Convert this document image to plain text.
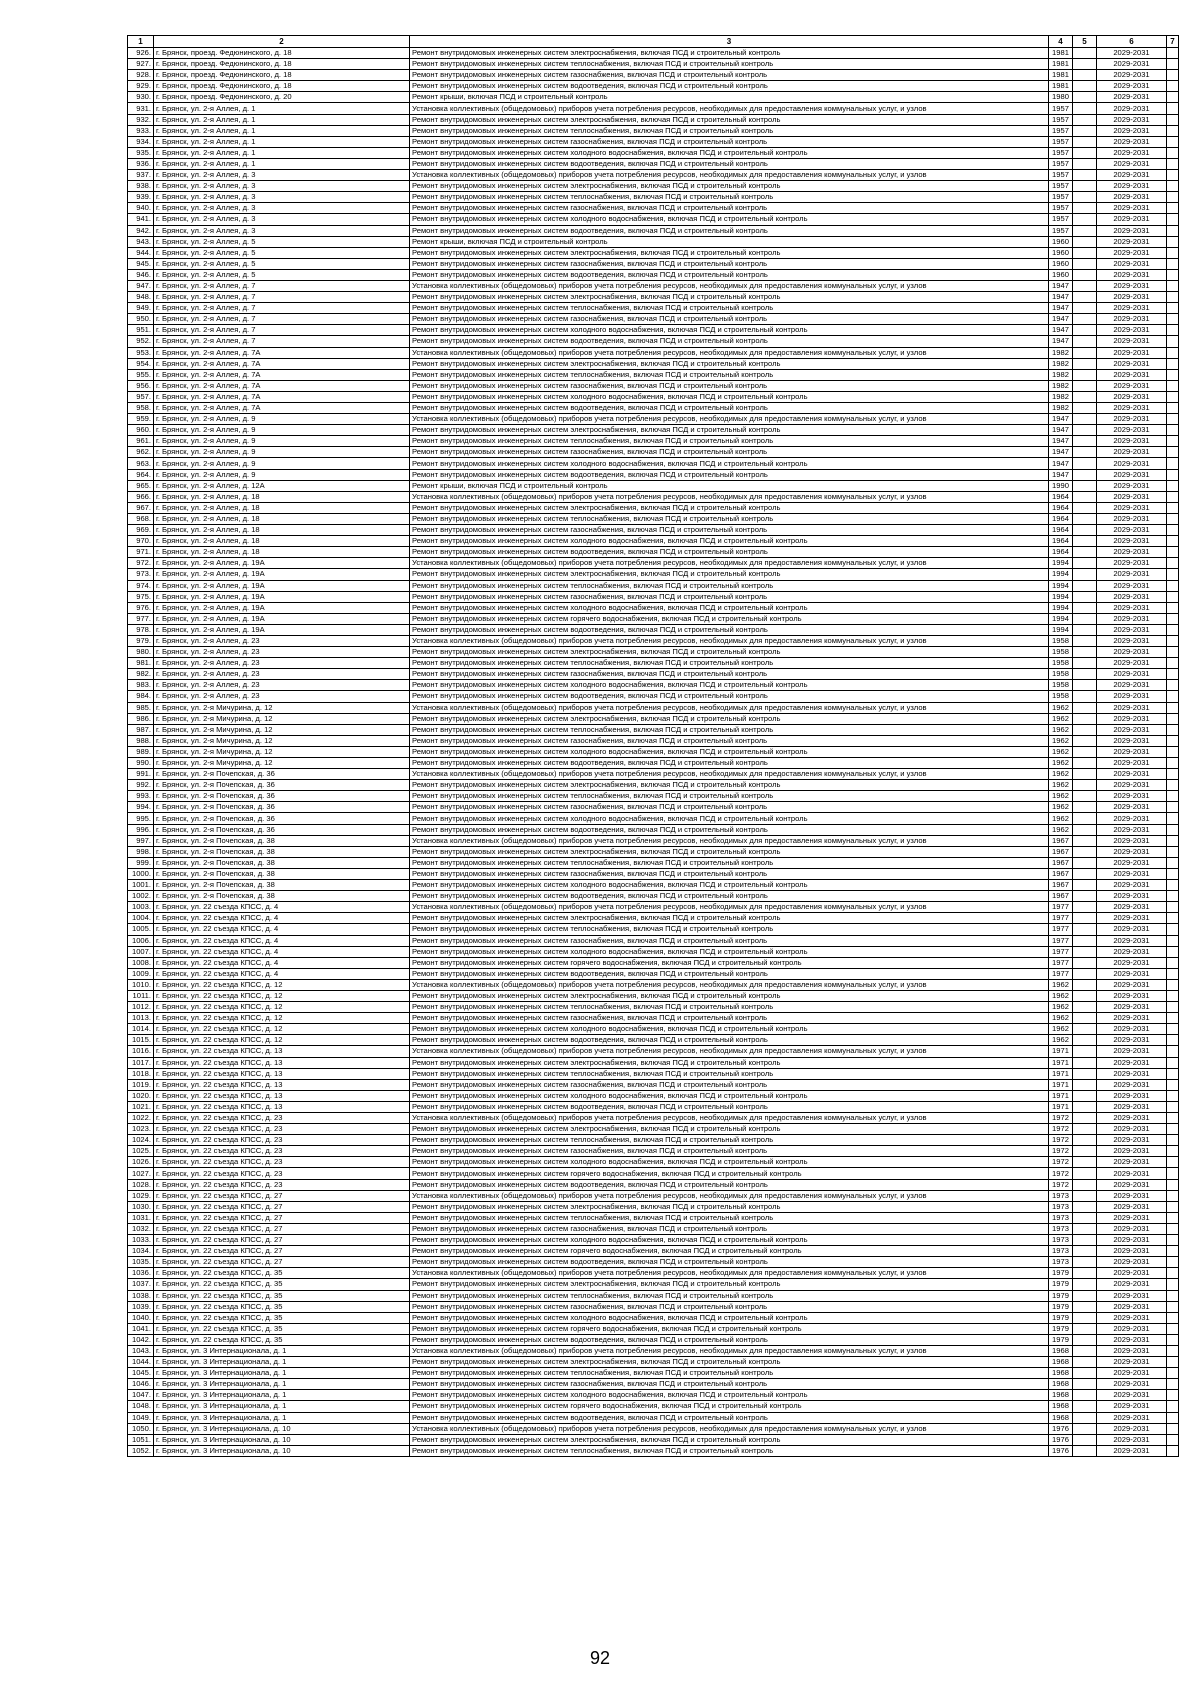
1	2	3	4	5	6	7
926.	г. Брянск, проезд. Федюнинского, д. 18	Ремонт внутридомовых инженерных систем электроснабжения, включая ПСД и строительный контроль	1981		2029-2031	
927.	г. Брянск, проезд. Федюнинского, д. 18	Ремонт внутридомовых инженерных систем теплоснабжения, включая ПСД и строительный контроль	1981		2029-2031	
928.	г. Брянск, проезд. Федюнинского, д. 18	Ремонт внутридомовых инженерных систем газоснабжения, включая ПСД и строительный контроль	1981		2029-2031	
929.	г. Брянск, проезд. Федюнинского, д. 18	Ремонт внутридомовых инженерных систем водоотведения, включая ПСД и строительный контроль	1981		2029-2031	
930.	г. Брянск, проезд. Федюнинского, д. 20	Ремонт крыши, включая ПСД и строительный контроль	1980		2029-2031	
931.	г. Брянск, ул. 2-я Аллея, д. 1	Установка коллективных (общедомовых) приборов учета потребления ресурсов, необходимых для предоставления коммунальных услуг, и узлов	1957		2029-2031	
932.	г. Брянск, ул. 2-я Аллея, д. 1	Ремонт внутридомовых инженерных систем электроснабжения, включая ПСД и строительный контроль	1957		2029-2031	
933.	г. Брянск, ул. 2-я Аллея, д. 1	Ремонт внутридомовых инженерных систем теплоснабжения, включая ПСД и строительный контроль	1957		2029-2031	
934.	г. Брянск, ул. 2-я Аллея, д. 1	Ремонт внутридомовых инженерных систем газоснабжения, включая ПСД и строительный контроль	1957		2029-2031	
935.	г. Брянск, ул. 2-я Аллея, д. 1	Ремонт внутридомовых инженерных систем холодного водоснабжения, включая ПСД и строительный контроль	1957		2029-2031	
936.	г. Брянск, ул. 2-я Аллея, д. 1	Ремонт внутридомовых инженерных систем водоотведения, включая ПСД и строительный контроль	1957		2029-2031	
937.	г. Брянск, ул. 2-я Аллея, д. 3	Установка коллективных (общедомовых) приборов учета потребления ресурсов, необходимых для предоставления коммунальных услуг, и узлов	1957		2029-2031	
938.	г. Брянск, ул. 2-я Аллея, д. 3	Ремонт внутридомовых инженерных систем электроснабжения, включая ПСД и строительный контроль	1957		2029-2031	
939.	г. Брянск, ул. 2-я Аллея, д. 3	Ремонт внутридомовых инженерных систем теплоснабжения, включая ПСД и строительный контроль	1957		2029-2031	
940.	г. Брянск, ул. 2-я Аллея, д. 3	Ремонт внутридомовых инженерных систем газоснабжения, включая ПСД и строительный контроль	1957		2029-2031	
941.	г. Брянск, ул. 2-я Аллея, д. 3	Ремонт внутридомовых инженерных систем холодного водоснабжения, включая ПСД и строительный контроль	1957		2029-2031	
942.	г. Брянск, ул. 2-я Аллея, д. 3	Ремонт внутридомовых инженерных систем водоотведения, включая ПСД и строительный контроль	1957		2029-2031	
943.	г. Брянск, ул. 2-я Аллея, д. 5	Ремонт крыши, включая ПСД и строительный контроль	1960		2029-2031	
944.	г. Брянск, ул. 2-я Аллея, д. 5	Ремонт внутридомовых инженерных систем электроснабжения, включая ПСД и строительный контроль	1960		2029-2031	
945.	г. Брянск, ул. 2-я Аллея, д. 5	Ремонт внутридомовых инженерных систем газоснабжения, включая ПСД и строительный контроль	1960		2029-2031	
946.	г. Брянск, ул. 2-я Аллея, д. 5	Ремонт внутридомовых инженерных систем водоотведения, включая ПСД и строительный контроль	1960		2029-2031	
947.	г. Брянск, ул. 2-я Аллея, д. 7	Установка коллективных (общедомовых) приборов учета потребления ресурсов, необходимых для предоставления коммунальных услуг, и узлов	1947		2029-2031	
948.	г. Брянск, ул. 2-я Аллея, д. 7	Ремонт внутридомовых инженерных систем электроснабжения, включая ПСД и строительный контроль	1947		2029-2031	
949.	г. Брянск, ул. 2-я Аллея, д. 7	Ремонт внутридомовых инженерных систем теплоснабжения, включая ПСД и строительный контроль	1947		2029-2031	
950.	г. Брянск, ул. 2-я Аллея, д. 7	Ремонт внутридомовых инженерных систем газоснабжения, включая ПСД и строительный контроль	1947		2029-2031	
951.	г. Брянск, ул. 2-я Аллея, д. 7	Ремонт внутридомовых инженерных систем холодного водоснабжения, включая ПСД и строительный контроль	1947		2029-2031	
952.	г. Брянск, ул. 2-я Аллея, д. 7	Ремонт внутридомовых инженерных систем водоотведения, включая ПСД и строительный контроль	1947		2029-2031	
953.	г. Брянск, ул. 2-я Аллея, д. 7А	Установка коллективных (общедомовых) приборов учета потребления ресурсов, необходимых для предоставления коммунальных услуг, и узлов	1982		2029-2031	
954.	г. Брянск, ул. 2-я Аллея, д. 7А	Ремонт внутридомовых инженерных систем электроснабжения, включая ПСД и строительный контроль	1982		2029-2031	
955.	г. Брянск, ул. 2-я Аллея, д. 7А	Ремонт внутридомовых инженерных систем теплоснабжения, включая ПСД и строительный контроль	1982		2029-2031	
956.	г. Брянск, ул. 2-я Аллея, д. 7А	Ремонт внутридомовых инженерных систем газоснабжения, включая ПСД и строительный контроль	1982		2029-2031	
957.	г. Брянск, ул. 2-я Аллея, д. 7А	Ремонт внутридомовых инженерных систем холодного водоснабжения, включая ПСД и строительный контроль	1982		2029-2031	
958.	г. Брянск, ул. 2-я Аллея, д. 7А	Ремонт внутридомовых инженерных систем водоотведения, включая ПСД и строительный контроль	1982		2029-2031	
959.	г. Брянск, ул. 2-я Аллея, д. 9	Установка коллективных (общедомовых) приборов учета потребления ресурсов, необходимых для предоставления коммунальных услуг, и узлов	1947		2029-2031	
960.	г. Брянск, ул. 2-я Аллея, д. 9	Ремонт внутридомовых инженерных систем электроснабжения, включая ПСД и строительный контроль	1947		2029-2031	
961.	г. Брянск, ул. 2-я Аллея, д. 9	Ремонт внутридомовых инженерных систем теплоснабжения, включая ПСД и строительный контроль	1947		2029-2031	
962.	г. Брянск, ул. 2-я Аллея, д. 9	Ремонт внутридомовых инженерных систем газоснабжения, включая ПСД и строительный контроль	1947		2029-2031	
963.	г. Брянск, ул. 2-я Аллея, д. 9	Ремонт внутридомовых инженерных систем холодного водоснабжения, включая ПСД и строительный контроль	1947		2029-2031	
964.	г. Брянск, ул. 2-я Аллея, д. 9	Ремонт внутридомовых инженерных систем водоотведения, включая ПСД и строительный контроль	1947		2029-2031	
965.	г. Брянск, ул. 2-я Аллея, д. 12А	Ремонт крыши, включая ПСД и строительный контроль	1990		2029-2031	
966.	г. Брянск, ул. 2-я Аллея, д. 18	Установка коллективных (общедомовых) приборов учета потребления ресурсов, необходимых для предоставления коммунальных услуг, и узлов	1964		2029-2031	
967.	г. Брянск, ул. 2-я Аллея, д. 18	Ремонт внутридомовых инженерных систем электроснабжения, включая ПСД и строительный контроль	1964		2029-2031	
968.	г. Брянск, ул. 2-я Аллея, д. 18	Ремонт внутридомовых инженерных систем теплоснабжения, включая ПСД и строительный контроль	1964		2029-2031	
969.	г. Брянск, ул. 2-я Аллея, д. 18	Ремонт внутридомовых инженерных систем газоснабжения, включая ПСД и строительный контроль	1964		2029-2031	
970.	г. Брянск, ул. 2-я Аллея, д. 18	Ремонт внутридомовых инженерных систем холодного водоснабжения, включая ПСД и строительный контроль	1964		2029-2031	
971.	г. Брянск, ул. 2-я Аллея, д. 18	Ремонт внутридомовых инженерных систем водоотведения, включая ПСД и строительный контроль	1964		2029-2031	
972.	г. Брянск, ул. 2-я Аллея, д. 19А	Установка коллективных (общедомовых) приборов учета потребления ресурсов, необходимых для предоставления коммунальных услуг, и узлов	1994		2029-2031	
973.	г. Брянск, ул. 2-я Аллея, д. 19А	Ремонт внутридомовых инженерных систем электроснабжения, включая ПСД и строительный контроль	1994		2029-2031	
974.	г. Брянск, ул. 2-я Аллея, д. 19А	Ремонт внутридомовых инженерных систем теплоснабжения, включая ПСД и строительный контроль	1994		2029-2031	
975.	г. Брянск, ул. 2-я Аллея, д. 19А	Ремонт внутридомовых инженерных систем газоснабжения, включая ПСД и строительный контроль	1994		2029-2031	
976.	г. Брянск, ул. 2-я Аллея, д. 19А	Ремонт внутридомовых инженерных систем холодного водоснабжения, включая ПСД и строительный контроль	1994		2029-2031	
977.	г. Брянск, ул. 2-я Аллея, д. 19А	Ремонт внутридомовых инженерных систем горячего водоснабжения, включая ПСД и строительный контроль	1994		2029-2031	
978.	г. Брянск, ул. 2-я Аллея, д. 19А	Ремонт внутридомовых инженерных систем водоотведения, включая ПСД и строительный контроль	1994		2029-2031	
979.	г. Брянск, ул. 2-я Аллея, д. 23	Установка коллективных (общедомовых) приборов учета потребления ресурсов, необходимых для предоставления коммунальных услуг, и узлов	1958		2029-2031	
980.	г. Брянск, ул. 2-я Аллея, д. 23	Ремонт внутридомовых инженерных систем электроснабжения, включая ПСД и строительный контроль	1958		2029-2031	
981.	г. Брянск, ул. 2-я Аллея, д. 23	Ремонт внутридомовых инженерных систем теплоснабжения, включая ПСД и строительный контроль	1958		2029-2031	
982.	г. Брянск, ул. 2-я Аллея, д. 23	Ремонт внутридомовых инженерных систем газоснабжения, включая ПСД и строительный контроль	1958		2029-2031	
983.	г. Брянск, ул. 2-я Аллея, д. 23	Ремонт внутридомовых инженерных систем холодного водоснабжения, включая ПСД и строительный контроль	1958		2029-2031	
984.	г. Брянск, ул. 2-я Аллея, д. 23	Ремонт внутридомовых инженерных систем водоотведения, включая ПСД и строительный контроль	1958		2029-2031	
985.	г. Брянск, ул. 2-я Мичурина, д. 12	Установка коллективных (общедомовых) приборов учета потребления ресурсов, необходимых для предоставления коммунальных услуг, и узлов	1962		2029-2031	
986.	г. Брянск, ул. 2-я Мичурина, д. 12	Ремонт внутридомовых инженерных систем электроснабжения, включая ПСД и строительный контроль	1962		2029-2031	
987.	г. Брянск, ул. 2-я Мичурина, д. 12	Ремонт внутридомовых инженерных систем теплоснабжения, включая ПСД и строительный контроль	1962		2029-2031	
988.	г. Брянск, ул. 2-я Мичурина, д. 12	Ремонт внутридомовых инженерных систем газоснабжения, включая ПСД и строительный контроль	1962		2029-2031	
989.	г. Брянск, ул. 2-я Мичурина, д. 12	Ремонт внутридомовых инженерных систем холодного водоснабжения, включая ПСД и строительный контроль	1962		2029-2031	
990.	г. Брянск, ул. 2-я Мичурина, д. 12	Ремонт внутридомовых инженерных систем водоотведения, включая ПСД и строительный контроль	1962		2029-2031	
991.	г. Брянск, ул. 2-я Почепская, д. 36	Установка коллективных (общедомовых) приборов учета потребления ресурсов, необходимых для предоставления коммунальных услуг, и узлов	1962		2029-2031	
992.	г. Брянск, ул. 2-я Почепская, д. 36	Ремонт внутридомовых инженерных систем электроснабжения, включая ПСД и строительный контроль	1962		2029-2031	
993.	г. Брянск, ул. 2-я Почепская, д. 36	Ремонт внутридомовых инженерных систем теплоснабжения, включая ПСД и строительный контроль	1962		2029-2031	
994.	г. Брянск, ул. 2-я Почепская, д. 36	Ремонт внутридомовых инженерных систем газоснабжения, включая ПСД и строительный контроль	1962		2029-2031	
995.	г. Брянск, ул. 2-я Почепская, д. 36	Ремонт внутридомовых инженерных систем холодного водоснабжения, включая ПСД и строительный контроль	1962		2029-2031	
996.	г. Брянск, ул. 2-я Почепская, д. 36	Ремонт внутридомовых инженерных систем водоотведения, включая ПСД и строительный контроль	1962		2029-2031	
997.	г. Брянск, ул. 2-я Почепская, д. 38	Установка коллективных (общедомовых) приборов учета потребления ресурсов, необходимых для предоставления коммунальных услуг, и узлов	1967		2029-2031	
998.	г. Брянск, ул. 2-я Почепская, д. 38	Ремонт внутридомовых инженерных систем электроснабжения, включая ПСД и строительный контроль	1967		2029-2031	
999.	г. Брянск, ул. 2-я Почепская, д. 38	Ремонт внутридомовых инженерных систем теплоснабжения, включая ПСД и строительный контроль	1967		2029-2031	
1000.	г. Брянск, ул. 2-я Почепская, д. 38	Ремонт внутридомовых инженерных систем газоснабжения, включая ПСД и строительный контроль	1967		2029-2031	
1001.	г. Брянск, ул. 2-я Почепская, д. 38	Ремонт внутридомовых инженерных систем холодного водоснабжения, включая ПСД и строительный контроль	1967		2029-2031	
1002.	г. Брянск, ул. 2-я Почепская, д. 38	Ремонт внутридомовых инженерных систем водоотведения, включая ПСД и строительный контроль	1967		2029-2031	
1003.	г. Брянск, ул. 22 съезда КПСС, д. 4	Установка коллективных (общедомовых) приборов учета потребления ресурсов, необходимых для предоставления коммунальных услуг, и узлов	1977		2029-2031	
1004.	г. Брянск, ул. 22 съезда КПСС, д. 4	Ремонт внутридомовых инженерных систем электроснабжения, включая ПСД и строительный контроль	1977		2029-2031	
1005.	г. Брянск, ул. 22 съезда КПСС, д. 4	Ремонт внутридомовых инженерных систем теплоснабжения, включая ПСД и строительный контроль	1977		2029-2031	
1006.	г. Брянск, ул. 22 съезда КПСС, д. 4	Ремонт внутридомовых инженерных систем газоснабжения, включая ПСД и строительный контроль	1977		2029-2031	
1007.	г. Брянск, ул. 22 съезда КПСС, д. 4	Ремонт внутридомовых инженерных систем холодного водоснабжения, включая ПСД и строительный контроль	1977		2029-2031	
1008.	г. Брянск, ул. 22 съезда КПСС, д. 4	Ремонт внутридомовых инженерных систем горячего водоснабжения, включая ПСД и строительный контроль	1977		2029-2031	
1009.	г. Брянск, ул. 22 съезда КПСС, д. 4	Ремонт внутридомовых инженерных систем водоотведения, включая ПСД и строительный контроль	1977		2029-2031	
1010.	г. Брянск, ул. 22 съезда КПСС, д. 12	Установка коллективных (общедомовых) приборов учета потребления ресурсов, необходимых для предоставления коммунальных услуг, и узлов	1962		2029-2031	
1011.	г. Брянск, ул. 22 съезда КПСС, д. 12	Ремонт внутридомовых инженерных систем электроснабжения, включая ПСД и строительный контроль	1962		2029-2031	
1012.	г. Брянск, ул. 22 съезда КПСС, д. 12	Ремонт внутридомовых инженерных систем теплоснабжения, включая ПСД и строительный контроль	1962		2029-2031	
1013.	г. Брянск, ул. 22 съезда КПСС, д. 12	Ремонт внутридомовых инженерных систем газоснабжения, включая ПСД и строительный контроль	1962		2029-2031	
1014.	г. Брянск, ул. 22 съезда КПСС, д. 12	Ремонт внутридомовых инженерных систем холодного водоснабжения, включая ПСД и строительный контроль	1962		2029-2031	
1015.	г. Брянск, ул. 22 съезда КПСС, д. 12	Ремонт внутридомовых инженерных систем водоотведения, включая ПСД и строительный контроль	1962		2029-2031	
1016.	г. Брянск, ул. 22 съезда КПСС, д. 13	Установка коллективных (общедомовых) приборов учета потребления ресурсов, необходимых для предоставления коммунальных услуг, и узлов	1971		2029-2031	
1017.	г. Брянск, ул. 22 съезда КПСС, д. 13	Ремонт внутридомовых инженерных систем электроснабжения, включая ПСД и строительный контроль	1971		2029-2031	
1018.	г. Брянск, ул. 22 съезда КПСС, д. 13	Ремонт внутридомовых инженерных систем теплоснабжения, включая ПСД и строительный контроль	1971		2029-2031	
1019.	г. Брянск, ул. 22 съезда КПСС, д. 13	Ремонт внутридомовых инженерных систем газоснабжения, включая ПСД и строительный контроль	1971		2029-2031	
1020.	г. Брянск, ул. 22 съезда КПСС, д. 13	Ремонт внутридомовых инженерных систем холодного водоснабжения, включая ПСД и строительный контроль	1971		2029-2031	
1021.	г. Брянск, ул. 22 съезда КПСС, д. 13	Ремонт внутридомовых инженерных систем водоотведения, включая ПСД и строительный контроль	1971		2029-2031	
1022.	г. Брянск, ул. 22 съезда КПСС, д. 23	Установка коллективных (общедомовых) приборов учета потребления ресурсов, необходимых для предоставления коммунальных услуг, и узлов	1972		2029-2031	
1023.	г. Брянск, ул. 22 съезда КПСС, д. 23	Ремонт внутридомовых инженерных систем электроснабжения, включая ПСД и строительный контроль	1972		2029-2031	
1024.	г. Брянск, ул. 22 съезда КПСС, д. 23	Ремонт внутридомовых инженерных систем теплоснабжения, включая ПСД и строительный контроль	1972		2029-2031	
1025.	г. Брянск, ул. 22 съезда КПСС, д. 23	Ремонт внутридомовых инженерных систем газоснабжения, включая ПСД и строительный контроль	1972		2029-2031	
1026.	г. Брянск, ул. 22 съезда КПСС, д. 23	Ремонт внутридомовых инженерных систем холодного водоснабжения, включая ПСД и строительный контроль	1972		2029-2031	
1027.	г. Брянск, ул. 22 съезда КПСС, д. 23	Ремонт внутридомовых инженерных систем горячего водоснабжения, включая ПСД и строительный контроль	1972		2029-2031	
1028.	г. Брянск, ул. 22 съезда КПСС, д. 23	Ремонт внутридомовых инженерных систем водоотведения, включая ПСД и строительный контроль	1972		2029-2031	
1029.	г. Брянск, ул. 22 съезда КПСС, д. 27	Установка коллективных (общедомовых) приборов учета потребления ресурсов, необходимых для предоставления коммунальных услуг, и узлов	1973		2029-2031	
1030.	г. Брянск, ул. 22 съезда КПСС, д. 27	Ремонт внутридомовых инженерных систем электроснабжения, включая ПСД и строительный контроль	1973		2029-2031	
1031.	г. Брянск, ул. 22 съезда КПСС, д. 27	Ремонт внутридомовых инженерных систем теплоснабжения, включая ПСД и строительный контроль	1973		2029-2031	
1032.	г. Брянск, ул. 22 съезда КПСС, д. 27	Ремонт внутридомовых инженерных систем газоснабжения, включая ПСД и строительный контроль	1973		2029-2031	
1033.	г. Брянск, ул. 22 съезда КПСС, д. 27	Ремонт внутридомовых инженерных систем холодного водоснабжения, включая ПСД и строительный контроль	1973		2029-2031	
1034.	г. Брянск, ул. 22 съезда КПСС, д. 27	Ремонт внутридомовых инженерных систем горячего водоснабжения, включая ПСД и строительный контроль	1973		2029-2031	
1035.	г. Брянск, ул. 22 съезда КПСС, д. 27	Ремонт внутридомовых инженерных систем водоотведения, включая ПСД и строительный контроль	1973		2029-2031	
1036.	г. Брянск, ул. 22 съезда КПСС, д. 35	Установка коллективных (общедомовых) приборов учета потребления ресурсов, необходимых для предоставления коммунальных услуг, и узлов	1979		2029-2031	
1037.	г. Брянск, ул. 22 съезда КПСС, д. 35	Ремонт внутридомовых инженерных систем электроснабжения, включая ПСД и строительный контроль	1979		2029-2031	
1038.	г. Брянск, ул. 22 съезда КПСС, д. 35	Ремонт внутридомовых инженерных систем теплоснабжения, включая ПСД и строительный контроль	1979		2029-2031	
1039.	г. Брянск, ул. 22 съезда КПСС, д. 35	Ремонт внутридомовых инженерных систем газоснабжения, включая ПСД и строительный контроль	1979		2029-2031	
1040.	г. Брянск, ул. 22 съезда КПСС, д. 35	Ремонт внутридомовых инженерных систем холодного водоснабжения, включая ПСД и строительный контроль	1979		2029-2031	
1041.	г. Брянск, ул. 22 съезда КПСС, д. 35	Ремонт внутридомовых инженерных систем горячего водоснабжения, включая ПСД и строительный контроль	1979		2029-2031	
1042.	г. Брянск, ул. 22 съезда КПСС, д. 35	Ремонт внутридомовых инженерных систем водоотведения, включая ПСД и строительный контроль	1979		2029-2031	
1043.	г. Брянск, ул. 3 Интернационала, д. 1	Установка коллективных (общедомовых) приборов учета потребления ресурсов, необходимых для предоставления коммунальных услуг, и узлов	1968		2029-2031	
1044.	г. Брянск, ул. 3 Интернационала, д. 1	Ремонт внутридомовых инженерных систем электроснабжения, включая ПСД и строительный контроль	1968		2029-2031	
1045.	г. Брянск, ул. 3 Интернационала, д. 1	Ремонт внутридомовых инженерных систем теплоснабжения, включая ПСД и строительный контроль	1968		2029-2031	
1046.	г. Брянск, ул. 3 Интернационала, д. 1	Ремонт внутридомовых инженерных систем газоснабжения, включая ПСД и строительный контроль	1968		2029-2031	
1047.	г. Брянск, ул. 3 Интернационала, д. 1	Ремонт внутридомовых инженерных систем холодного водоснабжения, включая ПСД и строительный контроль	1968		2029-2031	
1048.	г. Брянск, ул. 3 Интернационала, д. 1	Ремонт внутридомовых инженерных систем горячего водоснабжения, включая ПСД и строительный контроль	1968		2029-2031	
1049.	г. Брянск, ул. 3 Интернационала, д. 1	Ремонт внутридомовых инженерных систем водоотведения, включая ПСД и строительный контроль	1968		2029-2031	
1050.	г. Брянск, ул. 3 Интернационала, д. 10	Установка коллективных (общедомовых) приборов учета потребления ресурсов, необходимых для предоставления коммунальных услуг, и узлов	1976		2029-2031	
1051.	г. Брянск, ул. 3 Интернационала, д. 10	Ремонт внутридомовых инженерных систем электроснабжения, включая ПСД и строительный контроль	1976		2029-2031	
1052.	г. Брянск, ул. 3 Интернационала, д. 10	Ремонт внутридомовых инженерных систем теплоснабжения, включая ПСД и строительный контроль	1976		2029-2031	
92
